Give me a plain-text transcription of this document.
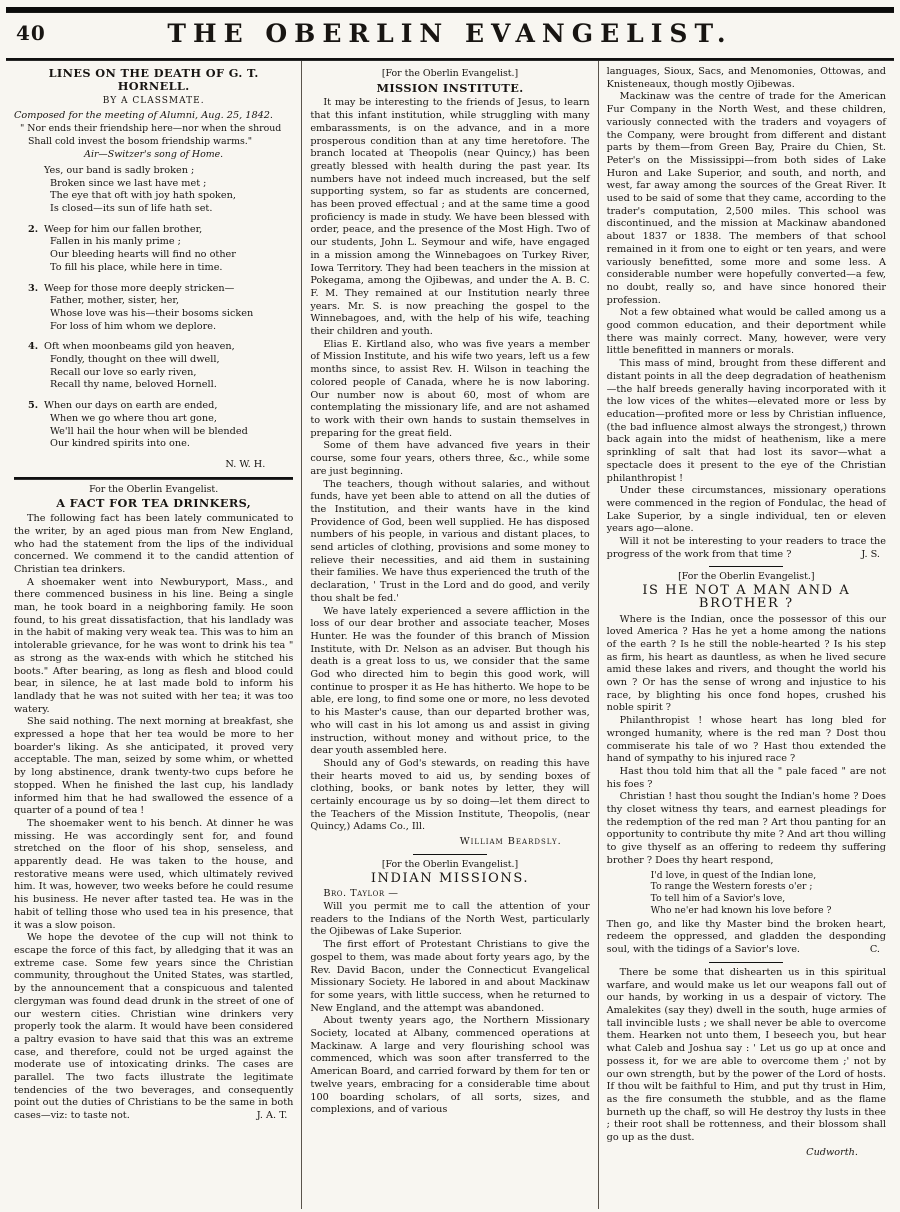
40	THE OBERLIN EVANGELIST.
LINES ON THE DEATH OF G. T. HORNELL.
BY A CLASSMATE.
Composed for the meeting of Alumni, Aug. 25, 1842.
" Nor ends their friendship here—nor when the shroud
Shall cold invest the bosom friendship warms."
Air—Switzer's song of Home.
Yes, our band is sadly broken ;
Broken since we last have met ;
The eye that oft with joy hath spoken,
Is closed—its sun of life hath set.
2. Weep for him our fallen brother,
Fallen in his manly prime ;
Our bleeding hearts will find no other
To fill his place, while here in time.
3. Weep for those more deeply stricken—
Father, mother, sister, her,
Whose love was his—their bosoms sicken
For loss of him whom we deplore.
4. Oft when moonbeams gild yon heaven,
Fondly, thought on thee will dwell,
Recall our love so early riven,
Recall thy name, beloved Hornell.
5. When our days on earth are ended,
When we go where thou art gone,
We'll hail the hour when will be blended
Our kindred spirits into one.
N. W. H.
For the Oberlin Evangelist.
A FACT FOR TEA DRINKERS,
The following fact has been lately communicated to the writer, by an aged pious man from New England, who had the statement from the lips of the individual concerned. We commend it to the candid attention of Christian tea drinkers.
A shoemaker went into Newburyport, Mass., and there commenced business in his line. Being a single man, he took board in a neighboring family. He soon found, to his great dissatisfaction, that his landlady was in the habit of making very weak tea. This was to him an intolerable grievance, for he was wont to drink his tea " as strong as the wax-ends with which he stitched his boots." After bearing, as long as flesh and blood could bear, in silence, he at last made bold to inform his landlady that he was not suited with her tea; it was too watery.
She said nothing. The next morning at breakfast, she expressed a hope that her tea would be more to her boarder's liking. As she anticipated, it proved very acceptable. The man, seized by some whim, or whetted by long abstinence, drank twenty-two cups before he stopped. When he finished the last cup, his landlady informed him that he had swallowed the essence of a quarter of a pound of tea !
The shoemaker went to his bench. At dinner he was missing. He was accordingly sent for, and found stretched on the floor of his shop, senseless, and apparently dead. He was taken to the house, and restorative means were used, which ultimately revived him. It was, however, two weeks before he could resume his business. He never after tasted tea. He was in the habit of telling those who used tea in his presence, that it was a slow poison.
We hope the devotee of the cup will not think to escape the force of this fact, by alledging that it was an extreme case. Some few years since the Christian community, throughout the United States, was startled, by the announcement that a conspicuous and talented clergyman was found dead drunk in the street of one of our western cities. Christian wine drinkers very properly took the alarm. It would have been considered a paltry evasion to have said that this was an extreme case, and therefore, could not be urged against the moderate use of intoxicating drinks. The cases are parallel. The two facts illustrate the legitimate tendencies of the two beverages, and consequently point out the duties of Christians to be the same in both cases—viz: to taste not.	J. A. T.
[For the Oberlin Evangelist.]
MISSION INSTITUTE.
It may be interesting to the friends of Jesus, to learn that this infant institution, while struggling with many embarassments, is on the advance, and in a more prosperous condition than at any time heretofore. The branch located at Theopolis (near Quincy,) has been greatly blessed with health during the past year. Its numbers have not indeed much increased, but the self supporting system, so far as students are concerned, has been proved effectual ; and at the same time a good proficiency is made in study. We have been blessed with order, peace, and the presence of the Most High. Two of our students, John L. Seymour and wife, have engaged in a mission among the Winnebagoes on Turkey River, Iowa Territory. They had been teachers in the mission at Pokegama, among the Ojibewas, and under the A. B. C. F. M. They remained at our Institution nearly three years. Mr. S. is now preaching the gospel to the Winnebagoes, and, with the help of his wife, teaching their children and youth.
Elias E. Kirtland also, who was five years a member of Mission Institute, and his wife two years, left us a few months since, to assist Rev. H. Wilson in teaching the colored people of Canada, where he is now laboring. Our number now is about 60, most of whom are contemplating the missionary life, and are not ashamed to work with their own hands to sustain themselves in preparing for the great field.
Some of them have advanced five years in their course, some four years, others three, &c., while some are just beginning.
The teachers, though without salaries, and without funds, have yet been able to attend on all the duties of the Institution, and their wants have in the kind Providence of God, been well supplied. He has disposed numbers of his people, in various and distant places, to send articles of clothing, provisions and some money to relieve their necessities, and aid them in sustaining their families. We have thus experienced the truth of the declaration, ' Trust in the Lord and do good, and verily thou shalt be fed.'
We have lately experienced a severe affliction in the loss of our dear brother and associate teacher, Moses Hunter. He was the founder of this branch of Mission Institute, with Dr. Nelson as an adviser. But though his death is a great loss to us, we consider that the same God who directed him to begin this good work, will continue to prosper it as He has hitherto. We hope to be able, ere long, to find some one or more, no less devoted to his Master's cause, than our departed brother was, who will cast in his lot among us and assist in giving instruction, without money and without price, to the dear youth assembled here.
Should any of God's stewards, on reading this have their hearts moved to aid us, by sending boxes of clothing, books, or bank notes by letter, they will certainly encourage us by so doing—let them direct to the Teachers of the Mission Institute, Theopolis, (near Quincy,) Adams Co., Ill.
William Beardsly.
[For the Oberlin Evangelist.]
INDIAN MISSIONS.
Bro. Taylor —
Will you permit me to call the attention of your readers to the Indians of the North West, particularly the Ojibewas of Lake Superior.
The first effort of Protestant Christians to give the gospel to them, was made about forty years ago, by the Rev. David Bacon, under the Connecticut Evangelical Missionary Society. He labored in and about Mackinaw for some years, with little success, when he returned to New England, and the attempt was abandoned.
About twenty years ago, the Northern Missionary Society, located at Albany, commenced operations at Mackinaw. A large and very flourishing school was commenced, which was soon after transferred to the American Board, and carried forward by them for ten or twelve years, embracing for a considerable time about 100 boarding scholars, of all sorts, sizes, and complexions, and of various
languages, Sioux, Sacs, and Menomonies, Ottowas, and Knisteneaux, though mostly Ojibewas.
Mackinaw was the centre of trade for the American Fur Company in the North West, and these children, variously connected with the traders and voyagers of the Company, were brought from different and distant parts by them—from Green Bay, Praire du Chien, St. Peter's on the Mississippi—from both sides of Lake Huron and Lake Superior, and south, and north, and west, far away among the sources of the Great River. It used to be said of some that they came, according to the trader's computation, 2,500 miles. This school was discontinued, and the mission at Mackinaw abandoned about 1837 or 1838. The members of that school remained in it from one to eight or ten years, and were variously benefitted, some more and some less. A considerable number were hopefully converted—a few, no doubt, really so, and have since honored their profession.
Not a few obtained what would be called among us a good common education, and their deportment while there was mainly correct. Many, however, were very little benefitted in manners or morals.
This mass of mind, brought from these different and distant points in all the deep degradation of heathenism—the half breeds generally having incorporated with it the low vices of the whites—elevated more or less by education—profited more or less by Christian influence, (the bad influence almost always the strongest,) thrown back again into the midst of heathenism, like a mere sprinkling of salt that had lost its savor—what a spectacle does it present to the eye of the Christian philanthropist !
Under these circumstances, missionary operations were commenced in the region of Fondulac, the head of Lake Superior, by a single individual, ten or eleven years ago—alone.
Will it not be interesting to your readers to trace the progress of the work from that time ?	J. S.
[For the Oberlin Evangelist.]
IS HE NOT A MAN AND A BROTHER ?
Where is the Indian, once the possessor of this our loved America ? Has he yet a home among the nations of the earth ? Is he still the noble-hearted ? Is his step as firm, his heart as dauntless, as when he lived secure amid these lakes and rivers, and thought the world his own ? Or has the sense of wrong and injustice to his race, by blighting his once fond hopes, crushed his noble spirit ?
Philanthropist ! whose heart has long bled for wronged humanity, where is the red man ? Dost thou commiserate his tale of wo ? Hast thou extended the hand of sympathy to his injured race ?
Hast thou told him that all the " pale faced " are not his foes ?
Christian ! hast thou sought the Indian's home ? Does thy closet witness thy tears, and earnest pleadings for the redemption of the red man ? Art thou panting for an opportunity to contribute thy mite ? And art thou willing to give thyself as an offering to redeem thy suffering brother ? Does thy heart respond,
I'd love, in quest of the Indian lone,
To range the Western forests o'er ;
To tell him of a Savior's love,
Who ne'er had known his love before ?
Then go, and like thy Master bind the broken heart, redeem the oppressed, and gladden the desponding soul, with the tidings of a Savior's love.	C.
There be some that dishearten us in this spiritual warfare, and would make us let our weapons fall out of our hands, by working in us a despair of victory. The Amalekites (say they) dwell in the south, huge armies of tall invincible lusts ; we shall never be able to overcome them. Hearken not unto them, I beseech you, but hear what Caleb and Joshua say : ' Let us go up at once and possess it, for we are able to overcome them ;' not by our own strength, but by the power of the Lord of hosts. If thou wilt be faithful to Him, and put thy trust in Him, as the fire consumeth the stubble, and as the flame burneth up the chaff, so will He destroy thy lusts in thee ; their root shall be rottenness, and their blossom shall go up as the dust.
Cudworth.
